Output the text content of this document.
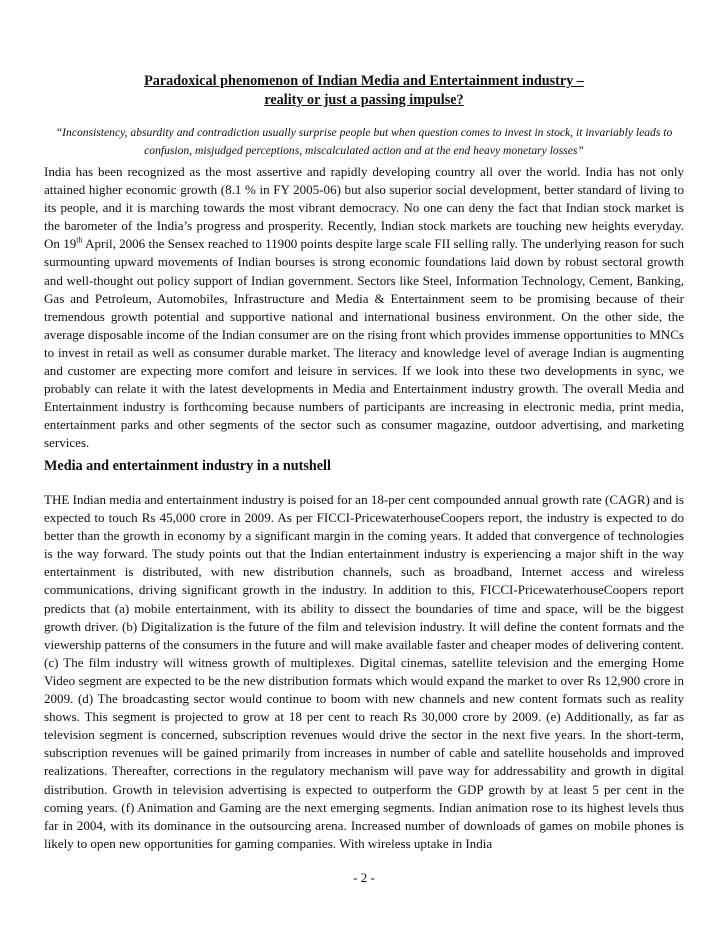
Paradoxical phenomenon of Indian Media and Entertainment industry –
reality or just a passing impulse?

“Inconsistency, absurdity and contradiction usually surprise people but when question comes to invest in stock, it invariably leads to confusion, misjudged perceptions, miscalculated action and at the end heavy monetary losses”

India has been recognized as the most assertive and rapidly developing country all over the world. India has not only attained higher economic growth (8.1 % in FY 2005-06) but also superior social development, better standard of living to its people, and it is marching towards the most vibrant democracy. No one can deny the fact that Indian stock market is the barometer of the India’s progress and prosperity. Recently, Indian stock markets are touching new heights everyday. On 19th April, 2006 the Sensex reached to 11900 points despite large scale FII selling rally. The underlying reason for such surmounting upward movements of Indian bourses is strong economic foundations laid down by robust sectoral growth and well-thought out policy support of Indian government. Sectors like Steel, Information Technology, Cement, Banking, Gas and Petroleum, Automobiles, Infrastructure and Media & Entertainment seem to be promising because of their tremendous growth potential and supportive national and international business environment. On the other side, the average disposable income of the Indian consumer are on the rising front which provides immense opportunities to MNCs to invest in retail as well as consumer durable market. The literacy and knowledge level of average Indian is augmenting and customer are expecting more comfort and leisure in services. If we look into these two developments in sync, we probably can relate it with the latest developments in Media and Entertainment industry growth. The overall Media and Entertainment industry is forthcoming because numbers of participants are increasing in electronic media, print media, entertainment parks and other segments of the sector such as consumer magazine, outdoor advertising, and marketing services.

Media and entertainment industry in a nutshell

THE Indian media and entertainment industry is poised for an 18-per cent compounded annual growth rate (CAGR) and is expected to touch Rs 45,000 crore in 2009. As per FICCI-PricewaterhouseCoopers report, the industry is expected to do better than the growth in economy by a significant margin in the coming years. It added that convergence of technologies is the way forward. The study points out that the Indian entertainment industry is experiencing a major shift in the way entertainment is distributed, with new distribution channels, such as broadband, Internet access and wireless communications, driving significant growth in the industry. In addition to this, FICCI-PricewaterhouseCoopers report predicts that (a) mobile entertainment, with its ability to dissect the boundaries of time and space, will be the biggest growth driver. (b) Digitalization is the future of the film and television industry. It will define the content formats and the viewership patterns of the consumers in the future and will make available faster and cheaper modes of delivering content. (c) The film industry will witness growth of multiplexes. Digital cinemas, satellite television and the emerging Home Video segment are expected to be the new distribution formats which would expand the market to over Rs 12,900 crore in 2009. (d) The broadcasting sector would continue to boom with new channels and new content formats such as reality shows. This segment is projected to grow at 18 per cent to reach Rs 30,000 crore by 2009. (e) Additionally, as far as television segment is concerned, subscription revenues would drive the sector in the next five years. In the short-term, subscription revenues will be gained primarily from increases in number of cable and satellite households and improved realizations. Thereafter, corrections in the regulatory mechanism will pave way for addressability and growth in digital distribution. Growth in television advertising is expected to outperform the GDP growth by at least 5 per cent in the coming years. (f) Animation and Gaming are the next emerging segments. Indian animation rose to its highest levels thus far in 2004, with its dominance in the outsourcing arena. Increased number of downloads of games on mobile phones is likely to open new opportunities for gaming companies. With wireless uptake in India

- 2 -
